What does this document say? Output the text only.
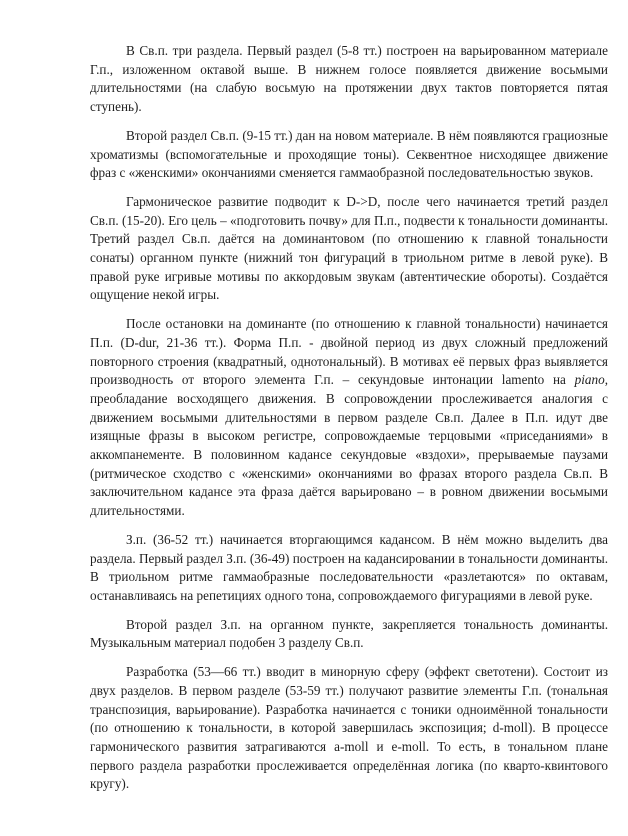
В Св.п. три раздела. Первый раздел (5-8 тт.) построен на варьированном материале Г.п., изложенном октавой выше. В нижнем голосе появляется движение восьмыми длительностями (на слабую восьмую на протяжении двух тактов повторяется пятая ступень).

Второй раздел Св.п. (9-15 тт.) дан на новом материале. В нём появляются грациозные хроматизмы (вспомогательные и проходящие тоны). Секвентное нисходящее движение фраз с «женскими» окончаниями сменяется гаммаобразной последовательностью звуков.

Гармоническое развитие подводит к D->D, после чего начинается третий раздел Св.п. (15-20). Его цель – «подготовить почву» для П.п., подвести к тональности доминанты. Третий раздел Св.п. даётся на доминантовом (по отношению к главной тональности сонаты) органном пункте (нижний тон фигураций в триольном ритме в левой руке). В правой руке игривые мотивы по аккордовым звукам (автентические обороты). Создаётся ощущение некой игры.

После остановки на доминанте (по отношению к главной тональности) начинается П.п. (D-dur, 21-36 тт.). Форма П.п. - двойной период из двух сложный предложений повторного строения (квадратный, однотональный). В мотивах её первых фраз выявляется производность от второго элемента Г.п. – секундовые интонации lamento на piano, преобладание восходящего движения. В сопровождении прослеживается аналогия с движением восьмыми длительностями в первом разделе Св.п. Далее в П.п. идут две изящные фразы в высоком регистре, сопровождаемые терцовыми «приседаниями» в аккомпанементе. В половинном кадансе секундовые «вздохи», прерываемые паузами (ритмическое сходство с «женскими» окончаниями во фразах второго раздела Св.п. В заключительном кадансе эта фраза даётся варьировано – в ровном движении восьмыми длительностями.

З.п. (36-52 тт.) начинается вторгающимся кадансом. В нём можно выделить два раздела. Первый раздел З.п. (36-49) построен на кадансировании в тональности доминанты. В триольном ритме гаммаобразные последовательности «разлетаются» по октавам, останавливаясь на репетициях одного тона, сопровождаемого фигурациями в левой руке.

Второй раздел З.п. на органном пункте, закрепляется тональность доминанты. Музыкальным материал подобен 3 разделу Св.п.

Разработка (53—66 тт.) вводит в минорную сферу (эффект светотени). Состоит из двух разделов. В первом разделе (53-59 тт.) получают развитие элементы Г.п. (тональная транспозиция, варьирование). Разработка начинается с тоники одноимённой тональности (по отношению к тональности, в которой завершилась экспозиция; d-moll). В процессе гармонического развития затрагиваются a-moll и e-moll. То есть, в тональном плане первого раздела разработки прослеживается определённая логика (по кварто-квинтового кругу).
